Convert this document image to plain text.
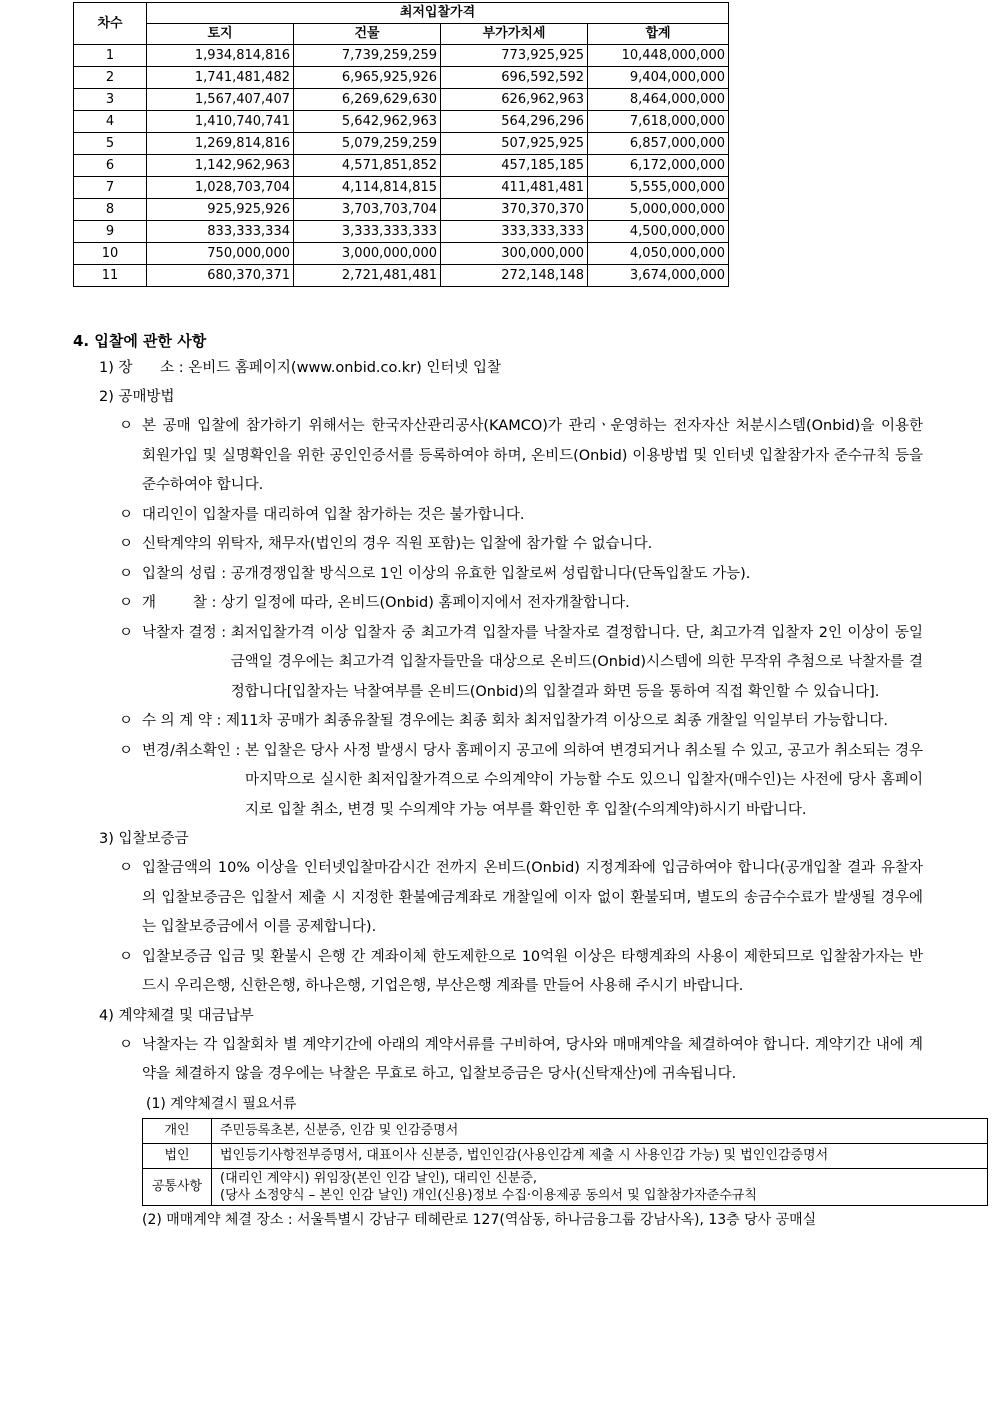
차수	최저입찰가격			
	토지	건물	부가가치세	합계
1	1,934,814,816	7,739,259,259	773,925,925	10,448,000,000
2	1,741,481,482	6,965,925,926	696,592,592	9,404,000,000
3	1,567,407,407	6,269,629,630	626,962,963	8,464,000,000
4	1,410,740,741	5,642,962,963	564,296,296	7,618,000,000
5	1,269,814,816	5,079,259,259	507,925,925	6,857,000,000
6	1,142,962,963	4,571,851,852	457,185,185	6,172,000,000
7	1,028,703,704	4,114,814,815	411,481,481	5,555,000,000
8	925,925,926	3,703,703,704	370,370,370	5,000,000,000
9	833,333,334	3,333,333,333	333,333,333	4,500,000,000
10	750,000,000	3,000,000,000	300,000,000	4,050,000,000
11	680,370,371	2,721,481,481	272,148,148	3,674,000,000
4. 입찰에 관한 사항
1) 장      소 : 온비드 홈페이지(www.onbid.co.kr) 인터넷 입찰
2) 공매방법
ㅇ 본 공매 입찰에 참가하기 위해서는 한국자산관리공사(KAMCO)가 관리ㆍ운영하는 전자자산 처분시스템(Onbid)을 이용한 회원가입 및 실명확인을 위한 공인인증서를 등록하여야 하며, 온비드(Onbid) 이용방법 및 인터넷 입찰참가자 준수규칙 등을 준수하여야 합니다.
ㅇ 대리인이 입찰자를 대리하여 입찰 참가하는 것은 불가합니다.
ㅇ 신탁계약의 위탁자, 채무자(법인의 경우 직원 포함)는 입찰에 참가할 수 없습니다.
ㅇ 입찰의 성립 : 공개경쟁입찰 방식으로 1인 이상의 유효한 입찰로써 성립합니다(단독입찰도 가능).
ㅇ 개        찰 : 상기 일정에 따라, 온비드(Onbid) 홈페이지에서 전자개찰합니다.
ㅇ 낙찰자 결정 : 최저입찰가격 이상 입찰자 중 최고가격 입찰자를 낙찰자로 결정합니다. 단, 최고가격 입찰자 2인 이상이 동일금액일 경우에는 최고가격 입찰자들만을 대상으로 온비드(Onbid)시스템에 의한 무작위 추첨으로 낙찰자를 결정합니다[입찰자는 낙찰여부를 온비드(Onbid)의 입찰결과 화면 등을 통하여 직접 확인할 수 있습니다].
ㅇ 수 의 계 약 : 제11차 공매가 최종유찰될 경우에는 최종 회차 최저입찰가격 이상으로 최종 개찰일 익일부터 가능합니다.
ㅇ 변경/취소확인 : 본 입찰은 당사 사정 발생시 당사 홈페이지 공고에 의하여 변경되거나 취소될 수 있고, 공고가 취소되는 경우 마지막으로 실시한 최저입찰가격으로 수의계약이 가능할 수도 있으니 입찰자(매수인)는 사전에 당사 홈페이지로 입찰 취소, 변경 및 수의계약 가능 여부를 확인한 후 입찰(수의계약)하시기 바랍니다.
3) 입찰보증금
ㅇ 입찰금액의 10% 이상을 인터넷입찰마감시간 전까지 온비드(Onbid) 지정계좌에 입금하여야 합니다(공개입찰 결과 유찰자의 입찰보증금은 입찰서 제출 시 지정한 환불예금계좌로 개찰일에 이자 없이 환불되며, 별도의 송금수수료가 발생될 경우에는 입찰보증금에서 이를 공제합니다).
ㅇ 입찰보증금 입금 및 환불시 은행 간 계좌이체 한도제한으로 10억원 이상은 타행계좌의 사용이 제한되므로 입찰참가자는 반드시 우리은행, 신한은행, 하나은행, 기업은행, 부산은행 계좌를 만들어 사용해 주시기 바랍니다.
4) 계약체결 및 대금납부
ㅇ 낙찰자는 각 입찰회차 별 계약기간에 아래의 계약서류를 구비하여, 당사와 매매계약을 체결하여야 합니다. 계약기간 내에 계약을 체결하지 않을 경우에는 낙찰은 무효로 하고, 입찰보증금은 당사(신탁재산)에 귀속됩니다.
(1) 계약체결시 필요서류
개인	주민등록초본, 신분증, 인감 및 인감증명서
법인	법인등기사항전부증명서, 대표이사 신분증, 법인인감(사용인감계 제출 시 사용인감 가능) 및 법인인감증명서
공통사항	(대리인 계약시) 위임장(본인 인감 날인), 대리인 신분증,
(당사 소정양식 – 본인 인감 날인) 개인(신용)정보 수집·이용제공 동의서 및 입찰참가자준수규칙
(2) 매매계약 체결 장소 : 서울특별시 강남구 테헤란로 127(역삼동, 하나금융그룹 강남사옥), 13층 당사 공매실
